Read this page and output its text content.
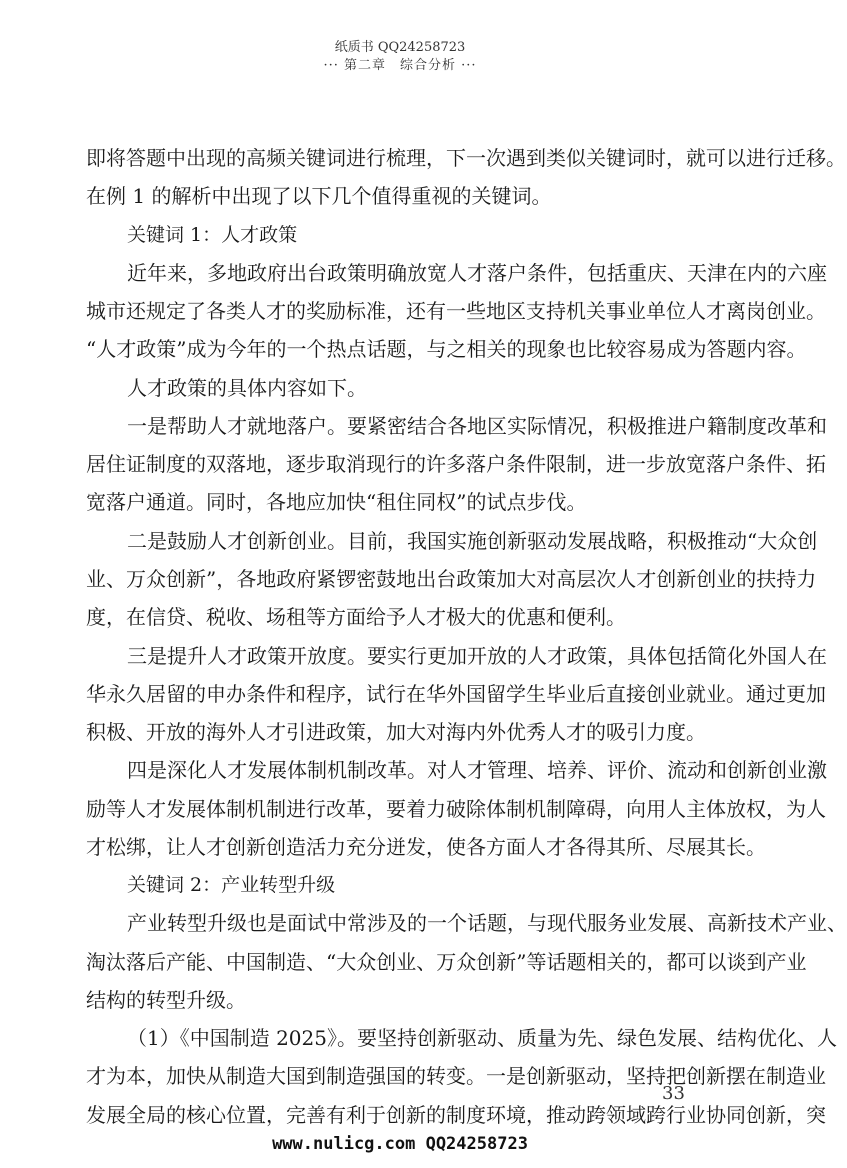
纸质书 QQ24258723
··· 第二章　综合分析 ···
即将答题中出现的高频关键词进行梳理，下一次遇到类似关键词时，就可以进行迁移。
在例 1 的解析中出现了以下几个值得重视的关键词。
关键词 1：人才政策
近年来，多地政府出台政策明确放宽人才落户条件，包括重庆、天津在内的六座
城市还规定了各类人才的奖励标准，还有一些地区支持机关事业单位人才离岗创业。
“人才政策”成为今年的一个热点话题，与之相关的现象也比较容易成为答题内容。
人才政策的具体内容如下。
一是帮助人才就地落户。要紧密结合各地区实际情况，积极推进户籍制度改革和
居住证制度的双落地，逐步取消现行的许多落户条件限制，进一步放宽落户条件、拓
宽落户通道。同时，各地应加快“租住同权”的试点步伐。
二是鼓励人才创新创业。目前，我国实施创新驱动发展战略，积极推动“大众创
业、万众创新”，各地政府紧锣密鼓地出台政策加大对高层次人才创新创业的扶持力
度，在信贷、税收、场租等方面给予人才极大的优惠和便利。
三是提升人才政策开放度。要实行更加开放的人才政策，具体包括简化外国人在
华永久居留的申办条件和程序，试行在华外国留学生毕业后直接创业就业。通过更加
积极、开放的海外人才引进政策，加大对海内外优秀人才的吸引力度。
四是深化人才发展体制机制改革。对人才管理、培养、评价、流动和创新创业激
励等人才发展体制机制进行改革，要着力破除体制机制障碍，向用人主体放权，为人
才松绑，让人才创新创造活力充分迸发，使各方面人才各得其所、尽展其长。
关键词 2：产业转型升级
产业转型升级也是面试中常涉及的一个话题，与现代服务业发展、高新技术产业、
淘汰落后产能、中国制造、“大众创业、万众创新”等话题相关的，都可以谈到产业
结构的转型升级。
（1）《中国制造 2025》。要坚持创新驱动、质量为先、绿色发展、结构优化、人
才为本，加快从制造大国到制造强国的转变。一是创新驱动，坚持把创新摆在制造业
发展全局的核心位置，完善有利于创新的制度环境，推动跨领域跨行业协同创新，突
33
www.nulicg.com QQ24258723
